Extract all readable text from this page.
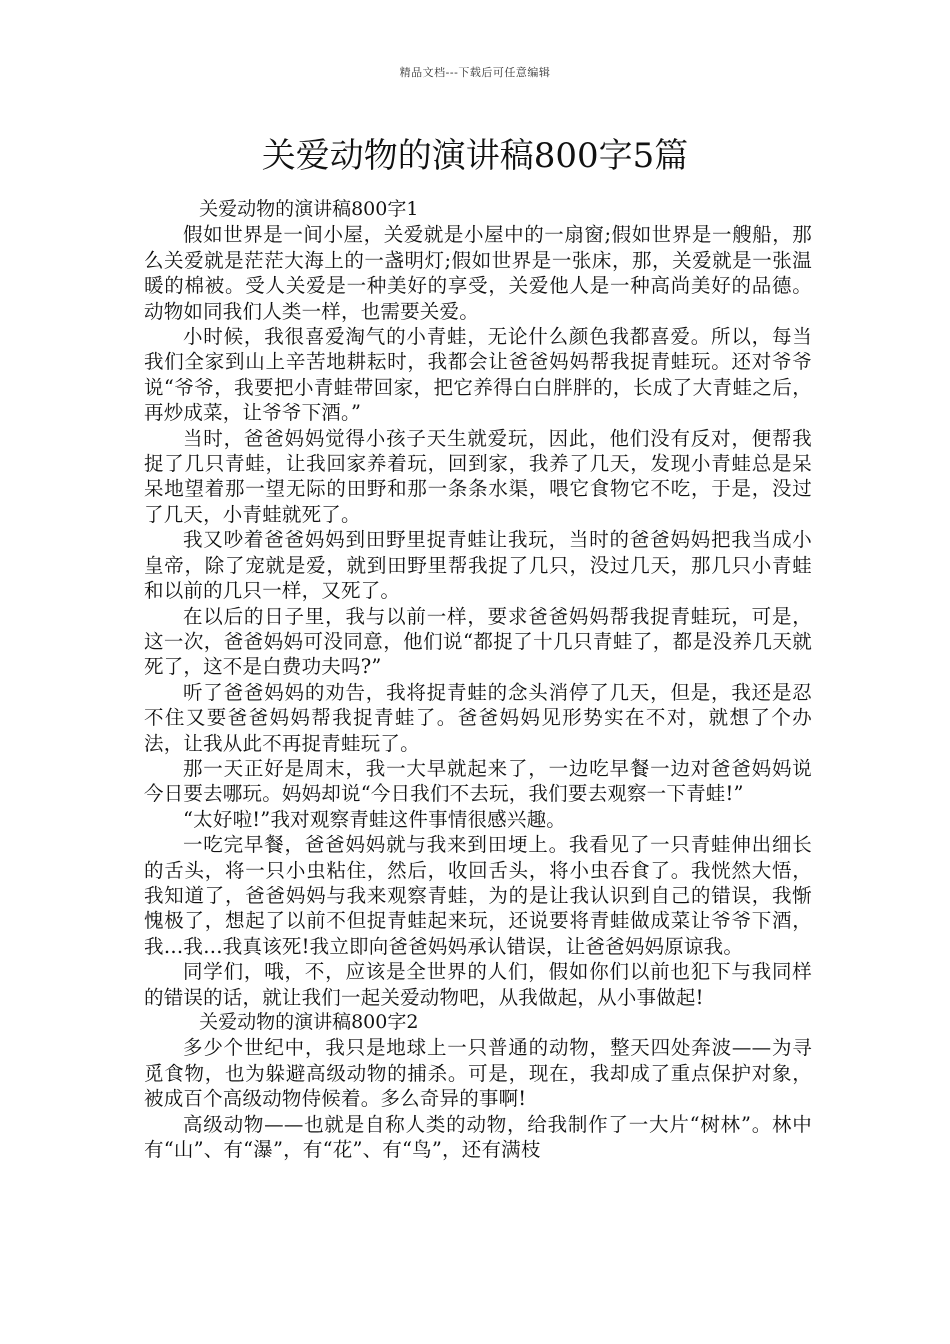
精品文档---下载后可任意编辑
关爱动物的演讲稿800字5篇

关爱动物的演讲稿800字1

假如世界是一间小屋，关爱就是小屋中的一扇窗;假如世界是一艘船，那么关爱就是茫茫大海上的一盏明灯;假如世界是一张床，那，关爱就是一张温暖的棉被。受人关爱是一种美好的享受，关爱他人是一种高尚美好的品德。动物如同我们人类一样，也需要关爱。

小时候，我很喜爱淘气的小青蛙，无论什么颜色我都喜爱。所以，每当我们全家到山上辛苦地耕耘时，我都会让爸爸妈妈帮我捉青蛙玩。还对爷爷说“爷爷，我要把小青蛙带回家，把它养得白白胖胖的，长成了大青蛙之后，再炒成菜，让爷爷下酒。”

当时，爸爸妈妈觉得小孩子天生就爱玩，因此，他们没有反对，便帮我捉了几只青蛙，让我回家养着玩，回到家，我养了几天，发现小青蛙总是呆呆地望着那一望无际的田野和那一条条水渠，喂它食物它不吃，于是，没过了几天，小青蛙就死了。

我又吵着爸爸妈妈到田野里捉青蛙让我玩，当时的爸爸妈妈把我当成小皇帝，除了宠就是爱，就到田野里帮我捉了几只，没过几天，那几只小青蛙和以前的几只一样，又死了。

在以后的日子里，我与以前一样，要求爸爸妈妈帮我捉青蛙玩，可是，这一次，爸爸妈妈可没同意，他们说“都捉了十几只青蛙了，都是没养几天就死了，这不是白费功夫吗?”

听了爸爸妈妈的劝告，我将捉青蛙的念头消停了几天，但是，我还是忍不住又要爸爸妈妈帮我捉青蛙了。爸爸妈妈见形势实在不对，就想了个办法，让我从此不再捉青蛙玩了。

那一天正好是周末，我一大早就起来了，一边吃早餐一边对爸爸妈妈说今日要去哪玩。妈妈却说“今日我们不去玩，我们要去观察一下青蛙!”

“太好啦!”我对观察青蛙这件事情很感兴趣。

一吃完早餐，爸爸妈妈就与我来到田埂上。我看见了一只青蛙伸出细长的舌头，将一只小虫粘住，然后，收回舌头，将小虫吞食了。我恍然大悟，我知道了，爸爸妈妈与我来观察青蛙，为的是让我认识到自己的错误，我惭愧极了，想起了以前不但捉青蛙起来玩，还说要将青蛙做成菜让爷爷下酒，我…我…我真该死!我立即向爸爸妈妈承认错误，让爸爸妈妈原谅我。

同学们，哦，不，应该是全世界的人们，假如你们以前也犯下与我同样的错误的话，就让我们一起关爱动物吧，从我做起，从小事做起!

关爱动物的演讲稿800字2

多少个世纪中，我只是地球上一只普通的动物，整天四处奔波——为寻觅食物，也为躲避高级动物的捕杀。可是，现在，我却成了重点保护对象，被成百个高级动物侍候着。多么奇异的事啊!

高级动物——也就是自称人类的动物，给我制作了一大片“树林”。林中有“山”、有“瀑”，有“花”、有“鸟”，还有满枝
